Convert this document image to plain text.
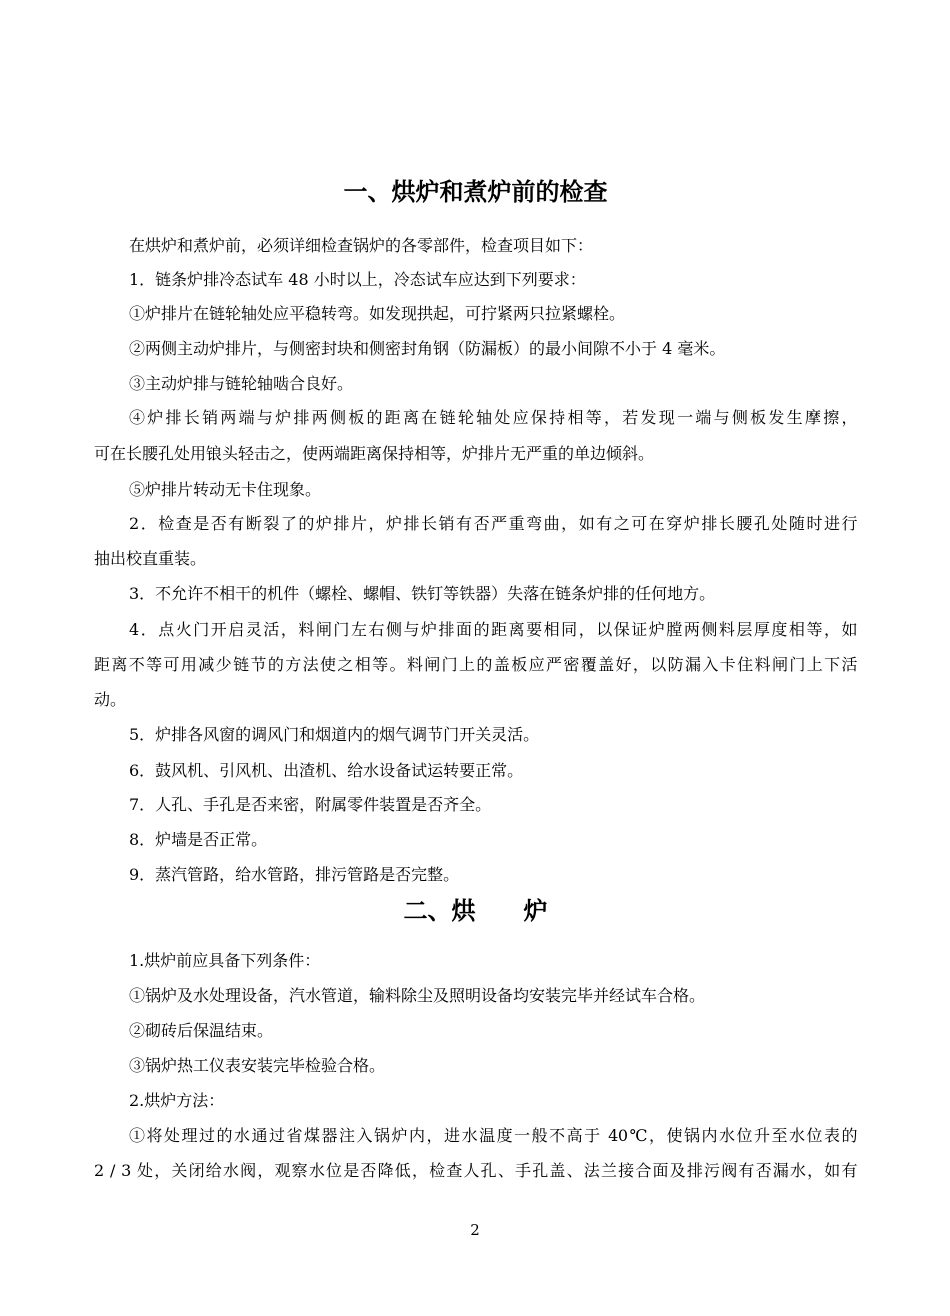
一、烘炉和煮炉前的检查
在烘炉和煮炉前，必须详细检查锅炉的各零部件，检查项目如下：
1．链条炉排冷态试车 48 小时以上，冷态试车应达到下列要求：
①炉排片在链轮轴处应平稳转弯。如发现拱起，可拧紧两只拉紧螺栓。
②两侧主动炉排片，与侧密封块和侧密封角钢（防漏板）的最小间隙不小于 4 毫米。
③主动炉排与链轮轴啮合良好。
④炉排长销两端与炉排两侧板的距离在链轮轴处应保持相等，若发现一端与侧板发生摩擦，
可在长腰孔处用锒头轻击之，使两端距离保持相等，炉排片无严重的单边倾斜。
⑤炉排片转动无卡住现象。
2．检查是否有断裂了的炉排片，炉排长销有否严重弯曲，如有之可在穿炉排长腰孔处随时进行
抽出校直重装。
3．不允许不相干的机件（螺栓、螺帽、铁钉等铁器）失落在链条炉排的任何地方。
4．点火门开启灵活，料闸门左右侧与炉排面的距离要相同，以保证炉膛两侧料层厚度相等，如
距离不等可用减少链节的方法使之相等。料闸门上的盖板应严密覆盖好，以防漏入卡住料闸门上下活
动。
5．炉排各风窗的调风门和烟道内的烟气调节门开关灵活。
6．鼓风机、引风机、出渣机、给水设备试运转要正常。
7．人孔、手孔是否来密，附属零件装置是否齐全。
8．炉墙是否正常。
9．蒸汽管路，给水管路，排污管路是否完整。
二、烘　　炉
1.烘炉前应具备下列条件：
①锅炉及水处理设备，汽水管道，输料除尘及照明设备均安装完毕并经试车合格。
②砌砖后保温结束。
③锅炉热工仪表安装完毕检验合格。
2.烘炉方法：
①将处理过的水通过省煤器注入锅炉内，进水温度一般不高于 40℃，使锅内水位升至水位表的
2 / 3 处，关闭给水阀，观察水位是否降低，检查人孔、手孔盖、法兰接合面及排污阀有否漏水，如有
2
